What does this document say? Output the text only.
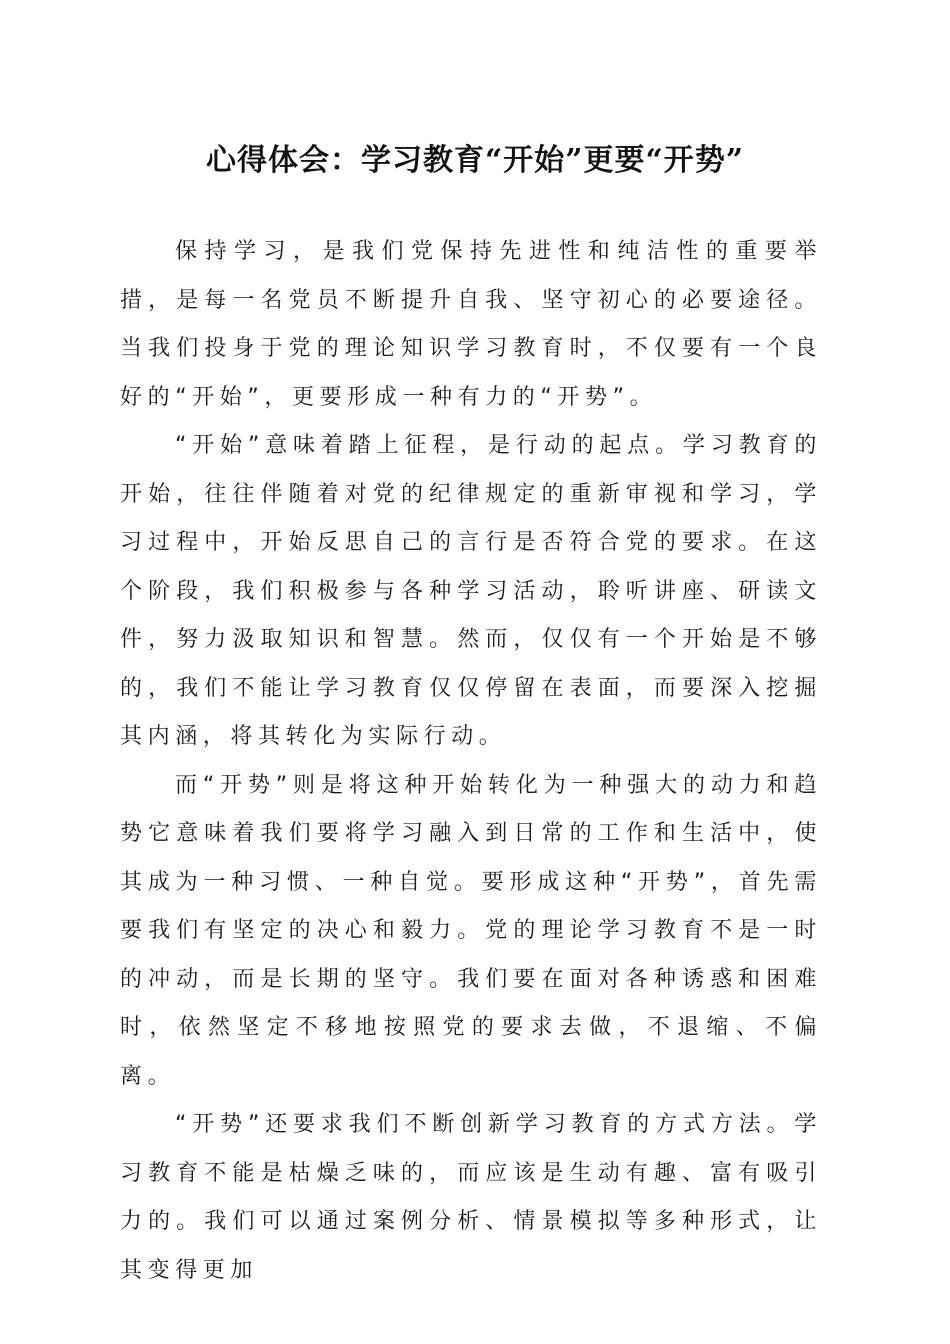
心得体会：学习教育“开始”更要“开势”

保持学习，是我们党保持先进性和纯洁性的重要举措，是每一名党员不断提升自我、坚守初心的必要途径。当我们投身于党的理论知识学习教育时，不仅要有一个良好的“开始”，更要形成一种有力的“开势”。

“开始”意味着踏上征程，是行动的起点。学习教育的开始，往往伴随着对党的纪律规定的重新审视和学习，学习过程中，开始反思自己的言行是否符合党的要求。在这个阶段，我们积极参与各种学习活动，聆听讲座、研读文件，努力汲取知识和智慧。然而，仅仅有一个开始是不够的，我们不能让学习教育仅仅停留在表面，而要深入挖掘其内涵，将其转化为实际行动。

而“开势”则是将这种开始转化为一种强大的动力和趋势它意味着我们要将学习融入到日常的工作和生活中，使其成为一种习惯、一种自觉。要形成这种“开势”，首先需要我们有坚定的决心和毅力。党的理论学习教育不是一时的冲动，而是长期的坚守。我们要在面对各种诱惑和困难时，依然坚定不移地按照党的要求去做，不退缩、不偏离。

“开势”还要求我们不断创新学习教育的方式方法。学习教育不能是枯燥乏味的，而应该是生动有趣、富有吸引力的。我们可以通过案例分析、情景模拟等多种形式，让其变得更加
